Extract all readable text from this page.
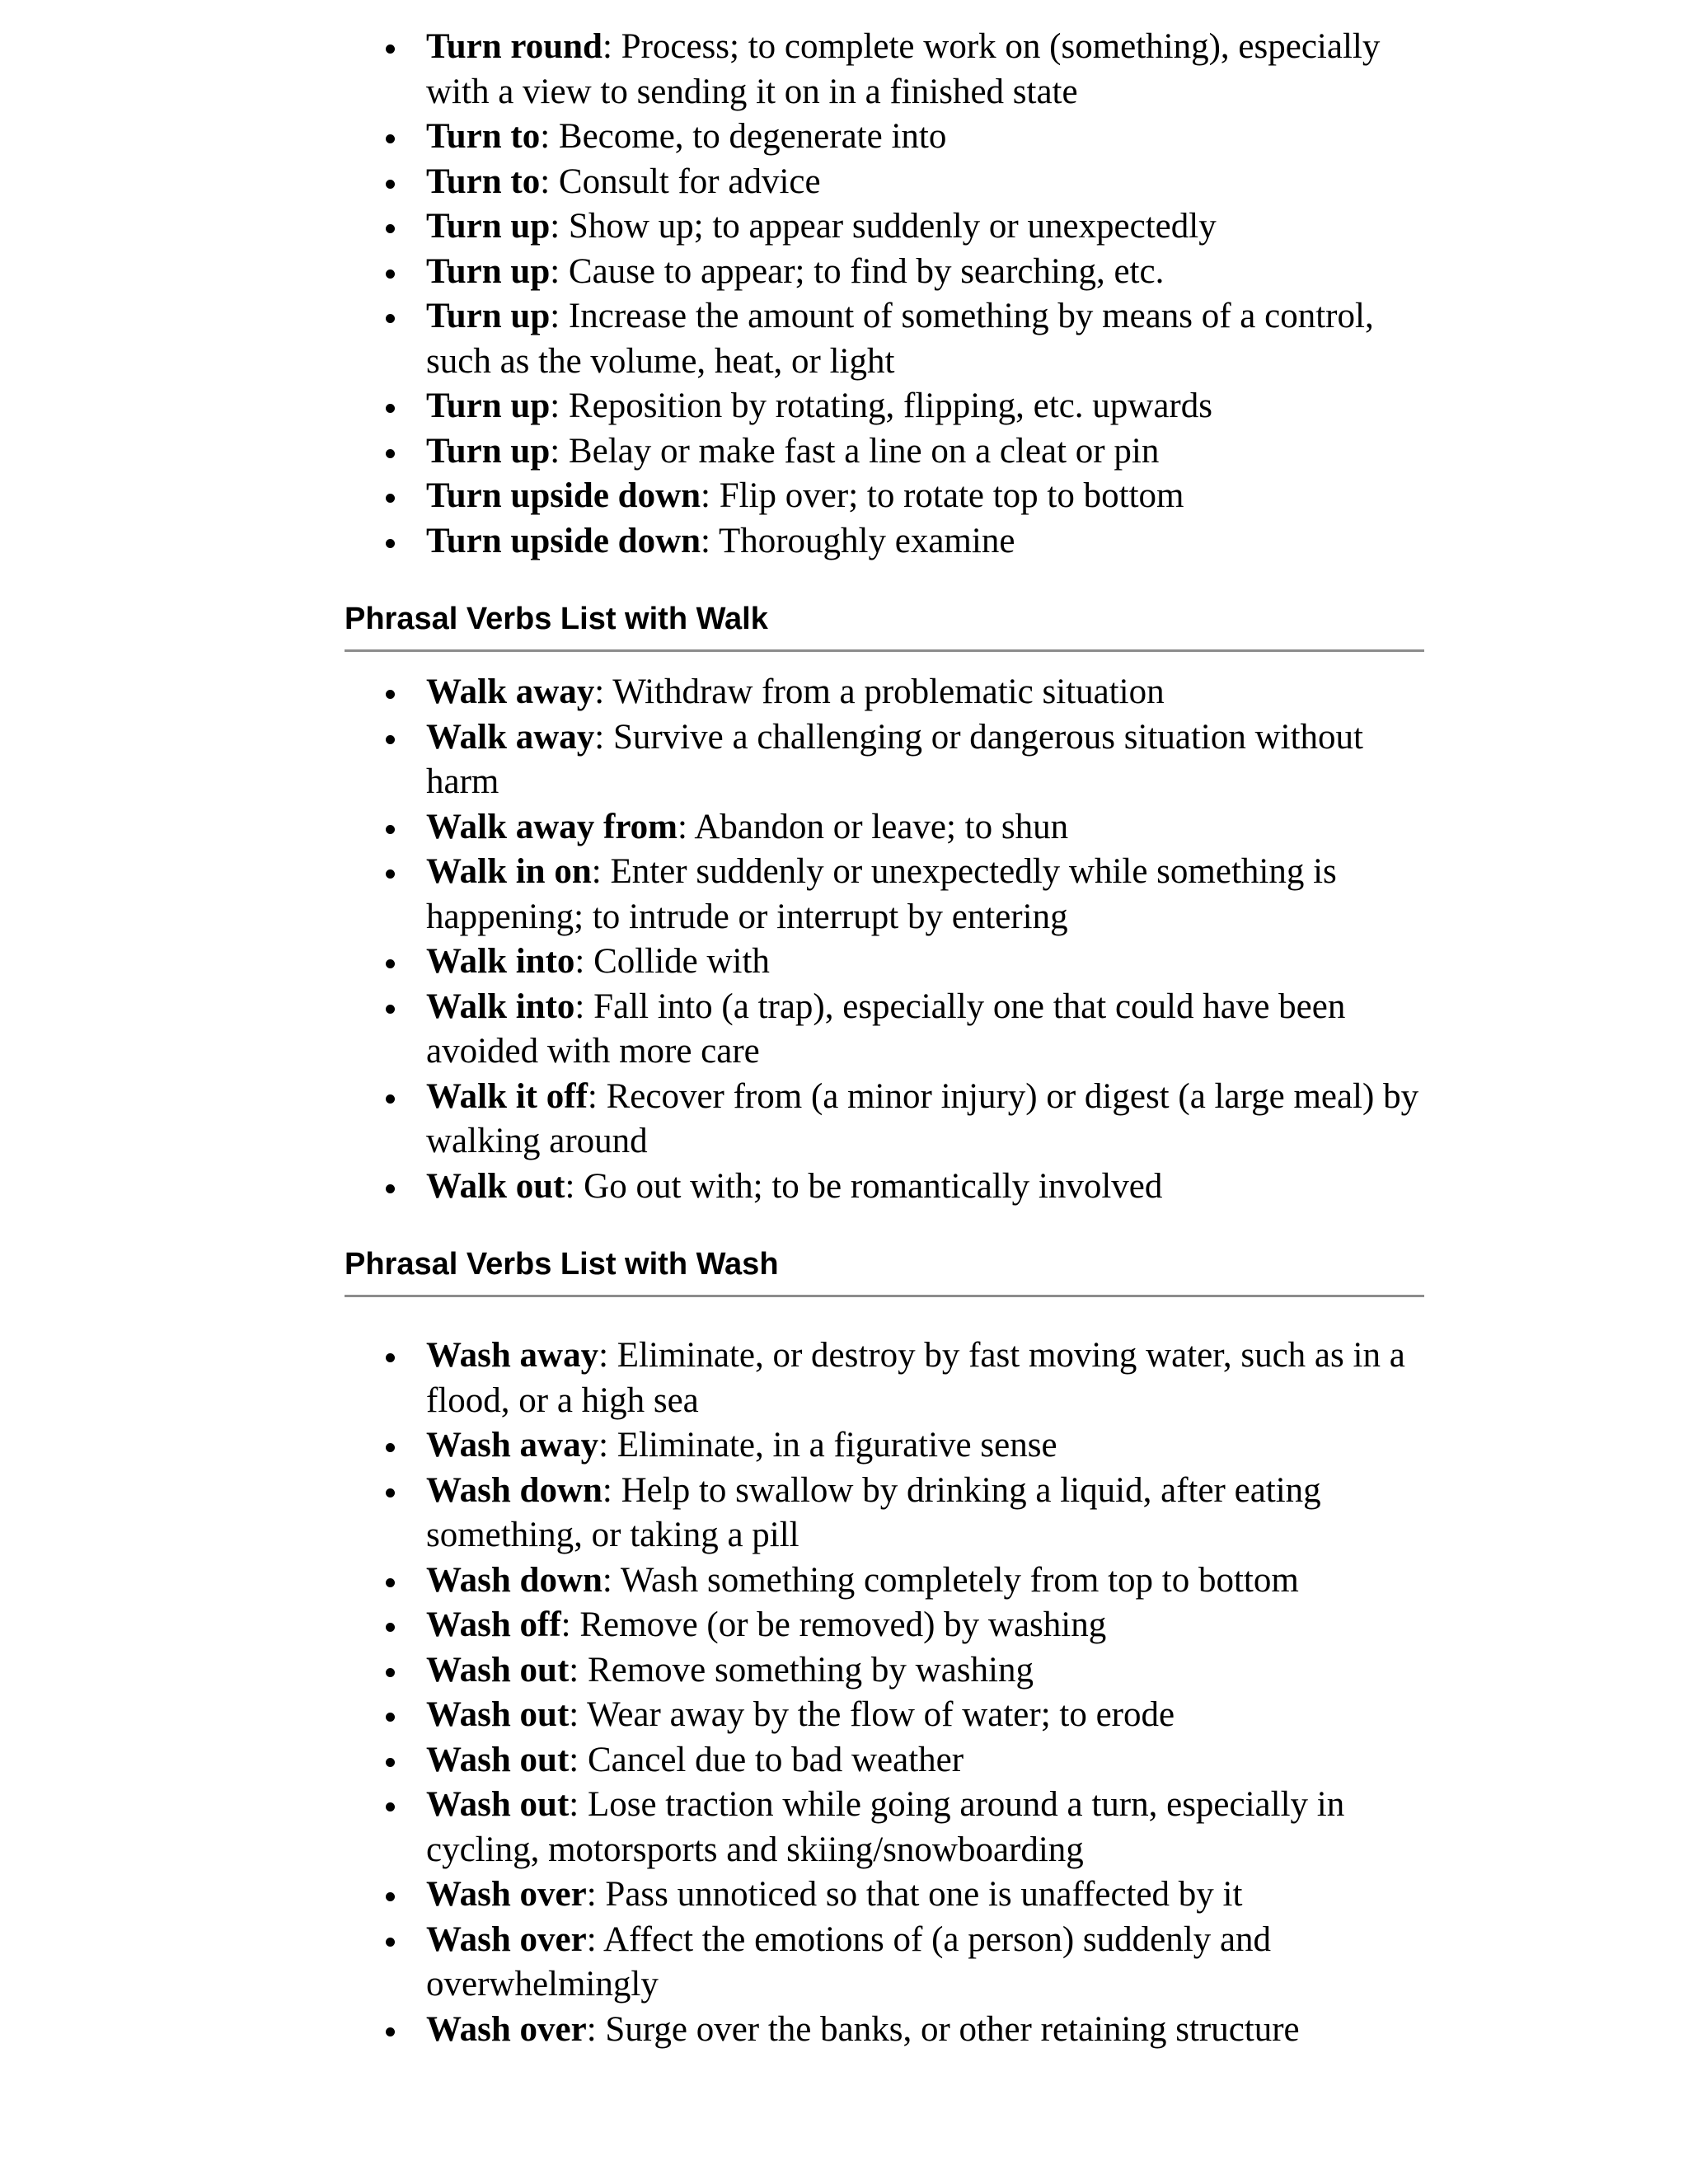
Turn round: Process; to complete work on (something), especially with a view to sending it on in a finished state
Turn to: Become, to degenerate into
Turn to: Consult for advice
Turn up: Show up; to appear suddenly or unexpectedly
Turn up: Cause to appear; to find by searching, etc.
Turn up: Increase the amount of something by means of a control, such as the volume, heat, or light
Turn up: Reposition by rotating, flipping, etc. upwards
Turn up: Belay or make fast a line on a cleat or pin
Turn upside down: Flip over; to rotate top to bottom
Turn upside down: Thoroughly examine
Phrasal Verbs List with Walk
Walk away: Withdraw from a problematic situation
Walk away: Survive a challenging or dangerous situation without harm
Walk away from: Abandon or leave; to shun
Walk in on: Enter suddenly or unexpectedly while something is happening; to intrude or interrupt by entering
Walk into: Collide with
Walk into: Fall into (a trap), especially one that could have been avoided with more care
Walk it off: Recover from (a minor injury) or digest (a large meal) by walking around
Walk out: Go out with; to be romantically involved
Phrasal Verbs List with Wash
Wash away: Eliminate, or destroy by fast moving water, such as in a flood, or a high sea
Wash away: Eliminate, in a figurative sense
Wash down: Help to swallow by drinking a liquid, after eating something, or taking a pill
Wash down: Wash something completely from top to bottom
Wash off: Remove (or be removed) by washing
Wash out: Remove something by washing
Wash out: Wear away by the flow of water; to erode
Wash out: Cancel due to bad weather
Wash out: Lose traction while going around a turn, especially in cycling, motorsports and skiing/snowboarding
Wash over: Pass unnoticed so that one is unaffected by it
Wash over: Affect the emotions of (a person) suddenly and overwhelmingly
Wash over: Surge over the banks, or other retaining structure
